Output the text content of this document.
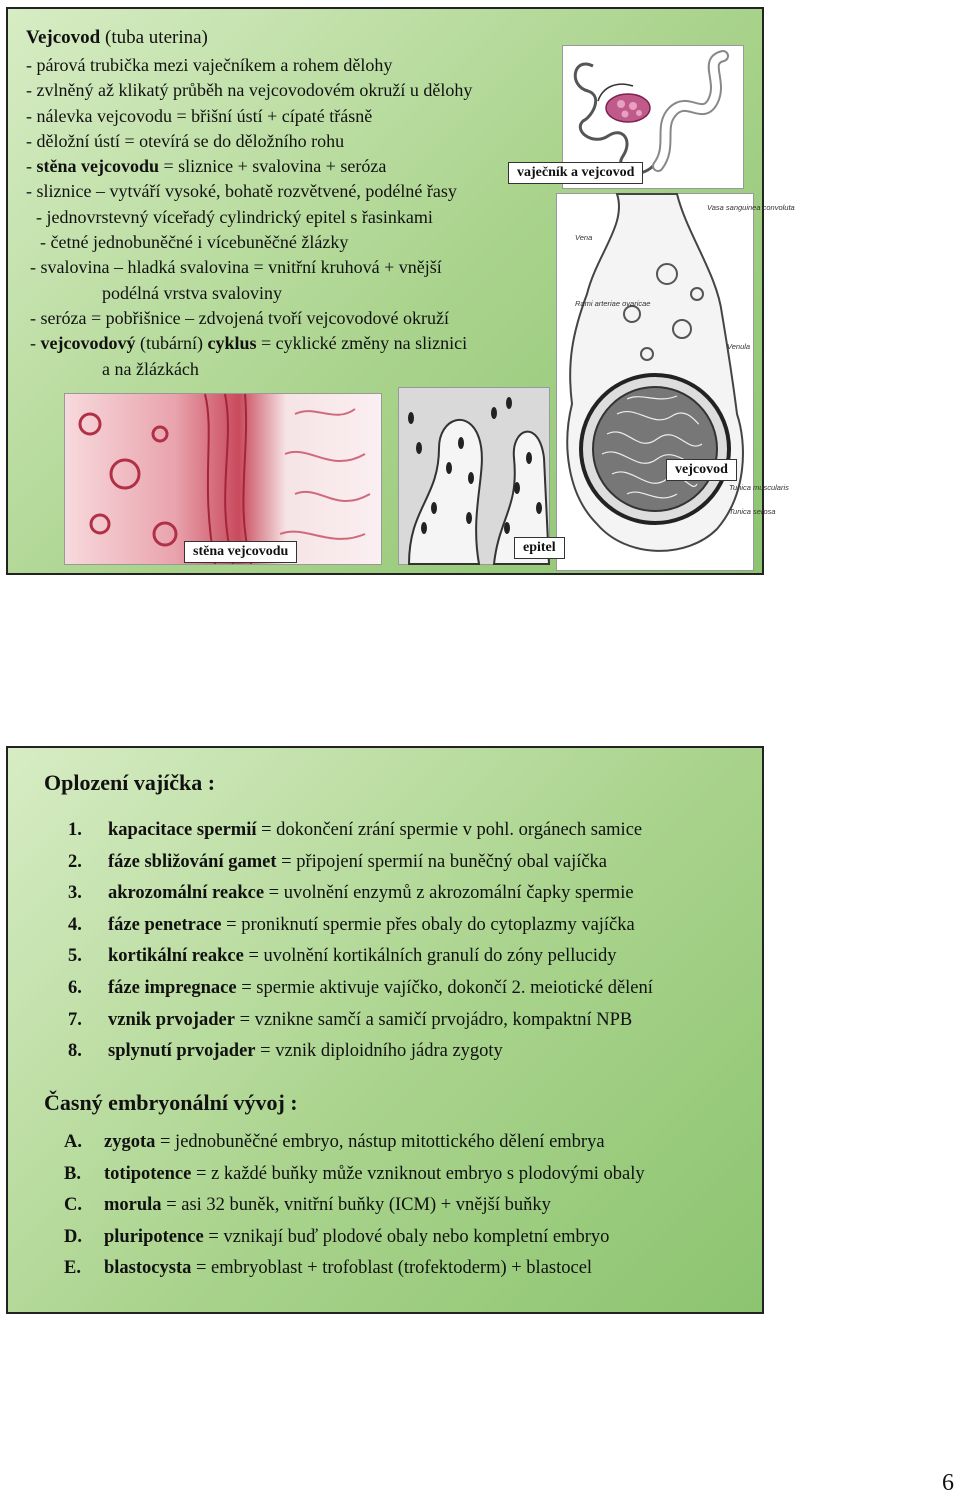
Vejcovod (tuba uterina)
- párová trubička mezi vaječníkem a rohem dělohy
- zvlněný až klikatý průběh na vejcovodovém okruží u dělohy
- nálevka vejcovodu = břišní ústí + cípaté třásně
- děložní ústí = otevírá se do děložního rohu
- stěna vejcovodu = sliznice + svalovina + seróza
- sliznice – vytváří vysoké, bohatě rozvětvené, podélné řasy
- jednovrstevný víceřadý cylindrický epitel s řasinkami
- četné jednobuněčné i vícebuněčné žlázky
- svalovina – hladká svalovina = vnitřní kruhová + vnější
podélná vrstva svaloviny
- seróza = pobřišnice – zdvojená tvoří vejcovodové okruží
- vejcovodový (tubární) cyklus = cyklické změny na sliznici
a na žlázkách
vaječník a vejcovod
Vasa sanguinea convoluta
Vena
Rami arteriae ovaricae
Venula
Tunica muscularis
Tunica serosa
vejcovod
stěna vejcovodu	epitel
Oplození vajíčka :
1. kapacitace spermií = dokončení zrání spermie v pohl. orgánech samice
2. fáze sbližování gamet = připojení spermií na buněčný obal vajíčka
3. akrozomální reakce = uvolnění enzymů z akrozomální čapky spermie
4. fáze penetrace = proniknutí spermie přes obaly do cytoplazmy vajíčka
5. kortikální reakce = uvolnění kortikálních granulí do zóny pellucidy
6. fáze impregnace = spermie aktivuje vajíčko, dokončí 2. meiotické dělení
7. vznik prvojader = vznikne samčí a samičí prvojádro, kompaktní NPB
8. splynutí prvojader = vznik diploidního jádra zygoty
Časný embryonální vývoj :
A. zygota = jednobuněčné embryo, nástup mitottického dělení embrya
B. totipotence = z každé buňky může vzniknout embryo s plodovými obaly
C. morula = asi 32 buněk, vnitřní buňky (ICM) + vnější buňky
D. pluripotence = vznikají buď plodové obaly nebo kompletní embryo
E. blastocysta = embryoblast + trofoblast (trofektoderm) + blastocel
6
